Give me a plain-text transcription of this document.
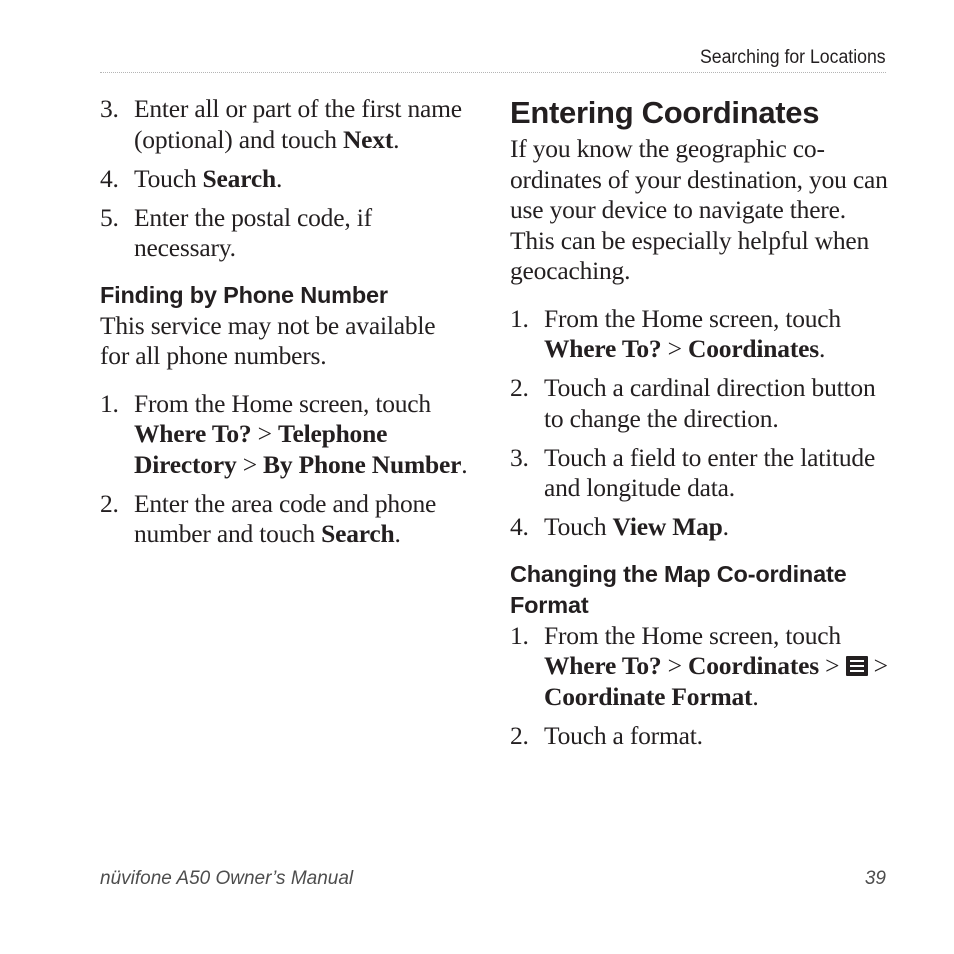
Searching for Locations
3. Enter all or part of the first name (optional) and touch Next.
4. Touch Search.
5. Enter the postal code, if necessary.
Finding by Phone Number

This service may not be available for all phone numbers.

1. From the Home screen, touch Where To? > Telephone Directory > By Phone Number.
2. Enter the area code and phone number and touch Search.
Entering Coordinates

If you know the geographic co-ordinates of your destination, you can use your device to navigate there. This can be especially helpful when geocaching.

1. From the Home screen, touch Where To? > Coordinates.
2. Touch a cardinal direction button to change the direction.
3. Touch a field to enter the latitude and longitude data.
4. Touch View Map.
Changing the Map Co-ordinate Format
1. From the Home screen, touch Where To? > Coordinates >  > Coordinate Format.
2. Touch a format.
nüvifone A50 Owner’s Manual	39
